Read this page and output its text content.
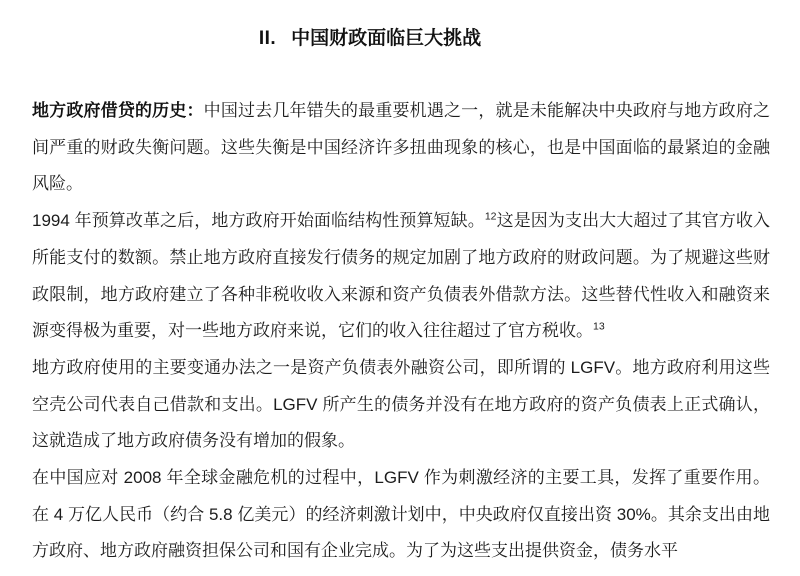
II. 中国财政面临巨大挑战

地方政府借贷的历史：中国过去几年错失的最重要机遇之一，就是未能解决中央政府与地方政府之间严重的财政失衡问题。这些失衡是中国经济许多扭曲现象的核心，也是中国面临的最紧迫的金融风险。

1994 年预算改革之后，地方政府开始面临结构性预算短缺。$^{12}$这是因为支出大大超过了其官方收入所能支付的数额。禁止地方政府直接发行债务的规定加剧了地方政府的财政问题。为了规避这些财政限制，地方政府建立了各种非税收收入来源和资产负债表外借款方法。这些替代性收入和融资来源变得极为重要，对一些地方政府来说，它们的收入往往超过了官方税收。$^{13}$

地方政府使用的主要变通办法之一是资产负债表外融资公司，即所谓的 LGFV。地方政府利用这些空壳公司代表自己借款和支出。LGFV 所产生的债务并没有在地方政府的资产负债表上正式确认，这就造成了地方政府债务没有增加的假象。

在中国应对 2008 年全球金融危机的过程中，LGFV 作为刺激经济的主要工具，发挥了重要作用。在 4 万亿人民币（约合 5.8 亿美元）的经济刺激计划中，中央政府仅直接出资 30%。其余支出由地方政府、地方政府融资担保公司和国有企业完成。为了为这些支出提供资金，债务水平
